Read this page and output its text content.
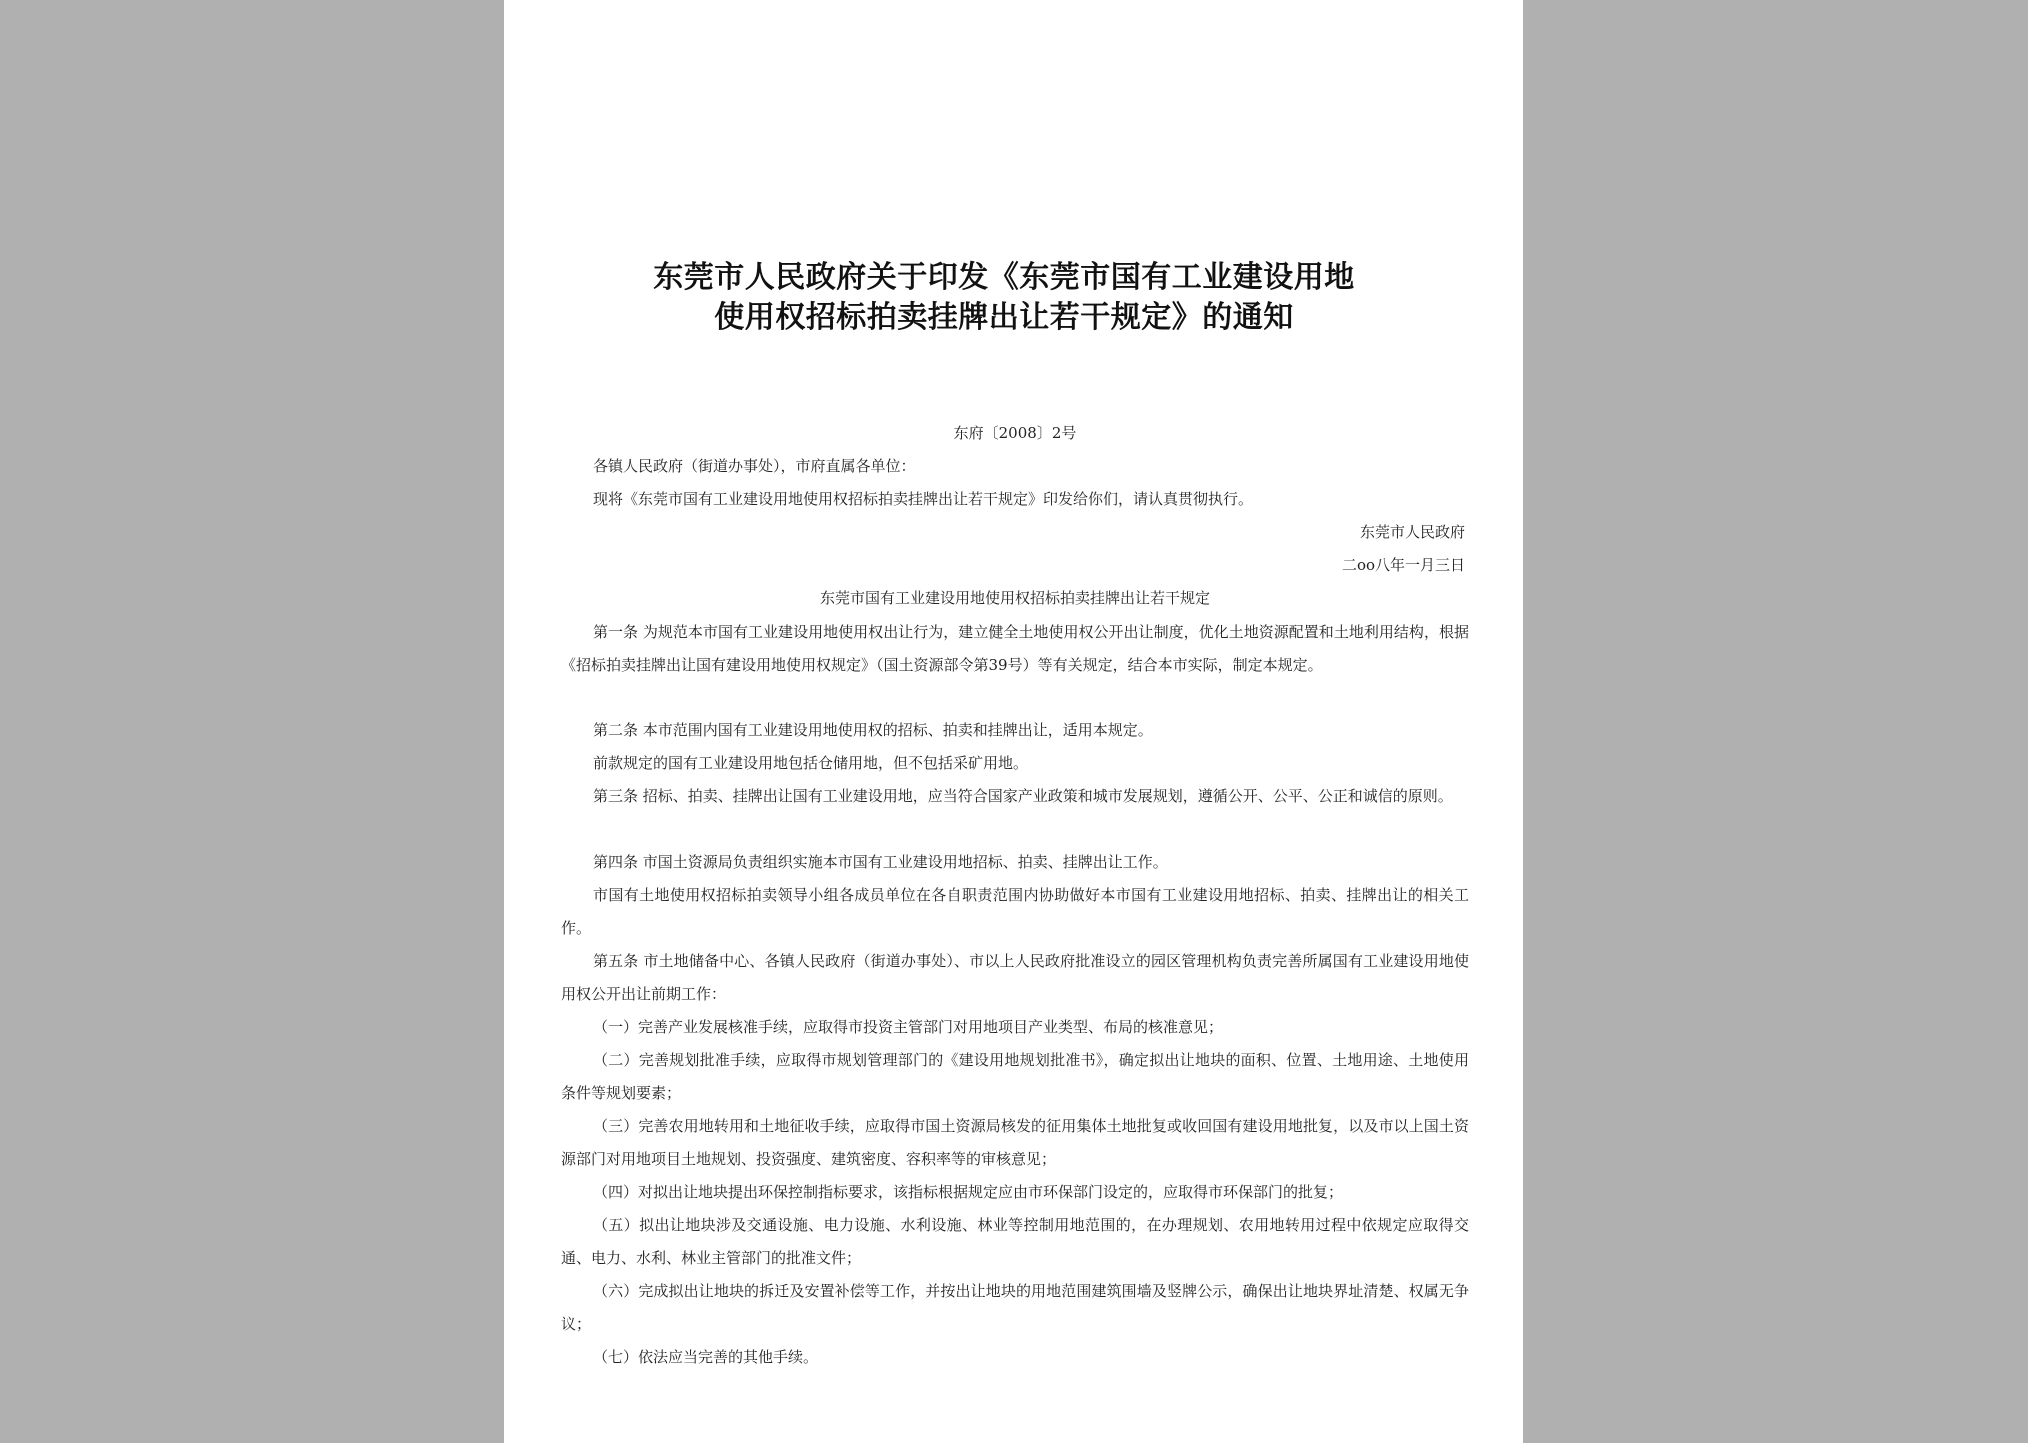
东莞市人民政府关于印发《东莞市国有工业建设用地
使用权招标拍卖挂牌出让若干规定》的通知
东府〔2008〕2号
各镇人民政府（街道办事处），市府直属各单位：
现将《东莞市国有工业建设用地使用权招标拍卖挂牌出让若干规定》印发给你们，请认真贯彻执行。
东莞市人民政府
二oo八年一月三日
东莞市国有工业建设用地使用权招标拍卖挂牌出让若干规定
第一条 为规范本市国有工业建设用地使用权出让行为，建立健全土地使用权公开出让制度，优化土地资源配置和土地利用结构，根据《招标拍卖挂牌出让国有建设用地使用权规定》（国土资源部令第39号）等有关规定，结合本市实际，制定本规定。
第二条 本市范围内国有工业建设用地使用权的招标、拍卖和挂牌出让，适用本规定。
前款规定的国有工业建设用地包括仓储用地，但不包括采矿用地。
第三条 招标、拍卖、挂牌出让国有工业建设用地，应当符合国家产业政策和城市发展规划，遵循公开、公平、公正和诚信的原则。
第四条 市国土资源局负责组织实施本市国有工业建设用地招标、拍卖、挂牌出让工作。
市国有土地使用权招标拍卖领导小组各成员单位在各自职责范围内协助做好本市国有工业建设用地招标、拍卖、挂牌出让的相关工作。
第五条 市土地储备中心、各镇人民政府（街道办事处）、市以上人民政府批准设立的园区管理机构负责完善所属国有工业建设用地使用权公开出让前期工作：
（一）完善产业发展核准手续，应取得市投资主管部门对用地项目产业类型、布局的核准意见；
（二）完善规划批准手续，应取得市规划管理部门的《建设用地规划批准书》，确定拟出让地块的面积、位置、土地用途、土地使用条件等规划要素；
（三）完善农用地转用和土地征收手续，应取得市国土资源局核发的征用集体土地批复或收回国有建设用地批复，以及市以上国土资源部门对用地项目土地规划、投资强度、建筑密度、容积率等的审核意见；
（四）对拟出让地块提出环保控制指标要求，该指标根据规定应由市环保部门设定的，应取得市环保部门的批复；
（五）拟出让地块涉及交通设施、电力设施、水利设施、林业等控制用地范围的，在办理规划、农用地转用过程中依规定应取得交通、电力、水利、林业主管部门的批准文件；
（六）完成拟出让地块的拆迁及安置补偿等工作，并按出让地块的用地范围建筑围墙及竖牌公示，确保出让地块界址清楚、权属无争议；
（七）依法应当完善的其他手续。
